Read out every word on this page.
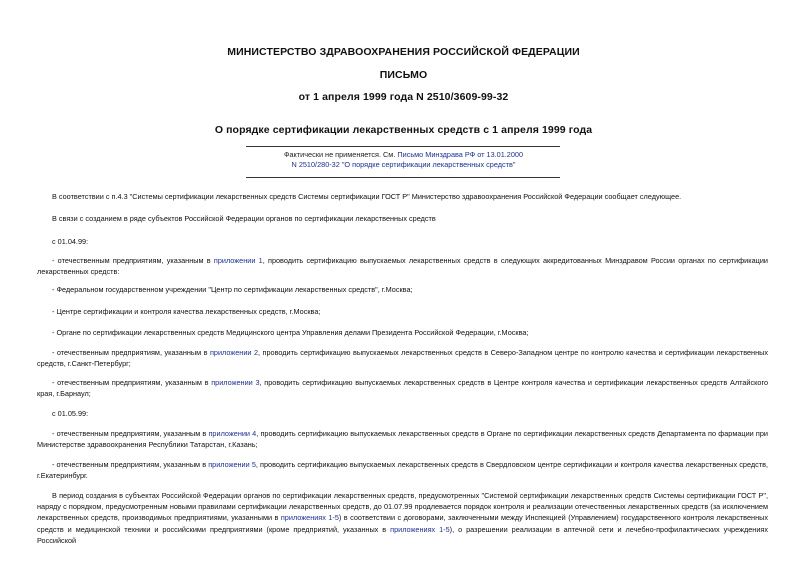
МИНИСТЕРСТВО ЗДРАВООХРАНЕНИЯ РОССИЙСКОЙ ФЕДЕРАЦИИ
ПИСЬМО
от 1 апреля 1999 года N 2510/3609-99-32
О порядке сертификации лекарственных средств с 1 апреля 1999 года
Фактически не применяется. См. Письмо Минздрава РФ от 13.01.2000
N 2510/280-32 "О порядке сертификации лекарственных средств"
В соответствии с п.4.3 "Системы сертификации лекарственных средств Системы сертификации ГОСТ Р" Министерство здравоохранения Российской Федерации сообщает следующее.
В связи с созданием в ряде субъектов Российской Федерации органов по сертификации лекарственных средств
с 01.04.99:
- отечественным предприятиям, указанным в приложении 1, проводить сертификацию выпускаемых лекарственных средств в следующих аккредитованных Минздравом России органах по сертификации лекарственных средств:
- Федеральном государственном учреждении "Центр по сертификации лекарственных средств", г.Москва;
- Центре сертификации и контроля качества лекарственных средств, г.Москва;
- Органе по сертификации лекарственных средств Медицинского центра Управления делами Президента Российской Федерации, г.Москва;
- отечественным предприятиям, указанным в приложении 2, проводить сертификацию выпускаемых лекарственных средств в Северо-Западном центре по контролю качества и сертификации лекарственных средств, г.Санкт-Петербург;
- отечественным предприятиям, указанным в приложении 3, проводить сертификацию выпускаемых лекарственных средств в Центре контроля качества и сертификации лекарственных средств Алтайского края, г.Барнаул;
с 01.05.99:
- отечественным предприятиям, указанным в приложении 4, проводить сертификацию выпускаемых лекарственных средств в Органе по сертификации лекарственных средств Департамента по фармации при Министерстве здравоохранения Республики Татарстан, г.Казань;
- отечественным предприятиям, указанным в приложении 5, проводить сертификацию выпускаемых лекарственных средств в Свердловском центре сертификации и контроля качества лекарственных средств, г.Екатеринбург.
В период создания в субъектах Российской Федерации органов по сертификации лекарственных средств, предусмотренных "Системой сертификации лекарственных средств Системы сертификации ГОСТ Р", наряду с порядком, предусмотренным новыми правилами сертификации лекарственных средств, до 01.07.99 продлевается порядок контроля и реализации отечественных лекарственных средств (за исключением лекарственных средств, производимых предприятиями, указанными в приложениях 1-5) в соответствии с договорами, заключенными между Инспекцией (Управлением) государственного контроля лекарственных средств и медицинской техники и российскими предприятиями (кроме предприятий, указанных в приложениях 1-5), о разрешении реализации в аптечной сети и лечебно-профилактических учреждениях Российской
